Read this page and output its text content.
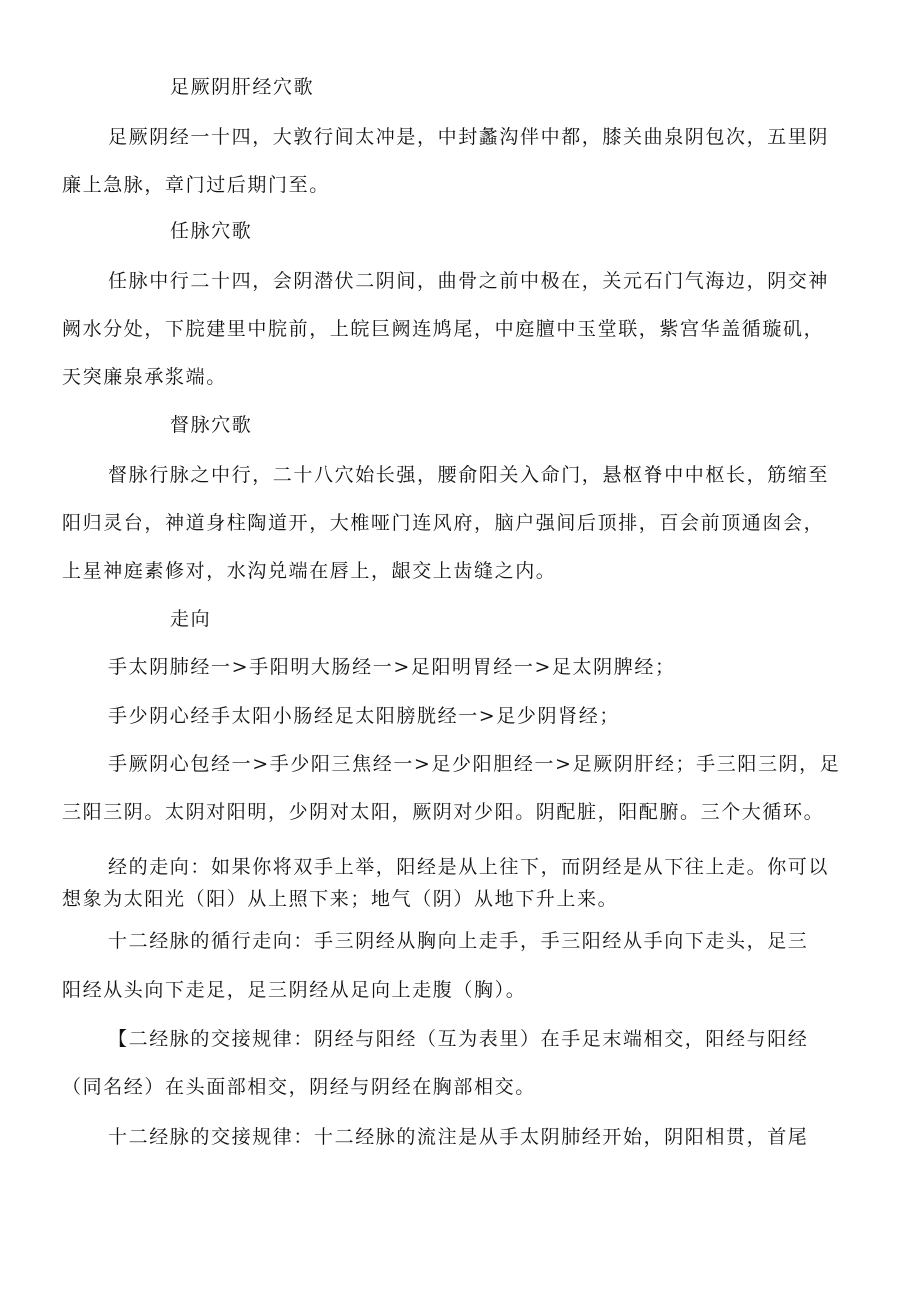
足厥阴肝经穴歌
足厥阴经一十四，大敦行间太冲是，中封蠡沟伴中都，膝关曲泉阴包次，五里阴
廉上急脉，章门过后期门至。
任脉穴歌
任脉中行二十四，会阴潜伏二阴间，曲骨之前中极在，关元石门气海边，阴交神
阙水分处，下脘建里中脘前，上皖巨阙连鸠尾，中庭膻中玉堂联，紫宫华盖循璇矶，
天突廉泉承浆端。
督脉穴歌
督脉行脉之中行，二十八穴始长强，腰俞阳关入命门，悬枢脊中中枢长，筋缩至
阳归灵台，神道身柱陶道开，大椎哑门连风府，脑户强间后顶排，百会前顶通囱会，
上星神庭素修对，水沟兑端在唇上，龈交上齿缝之内。
走向
手太阴肺经一>手阳明大肠经一>足阳明胃经一>足太阴脾经；
手少阴心经手太阳小肠经足太阳膀胱经一>足少阴肾经；
手厥阴心包经一>手少阳三焦经一>足少阳胆经一>足厥阴肝经；手三阳三阴，足
三阳三阴。太阴对阳明，少阴对太阳，厥阴对少阳。阴配脏，阳配腑。三个大循环。
经的走向：如果你将双手上举，阳经是从上往下，而阴经是从下往上走。你可以
想象为太阳光（阳）从上照下来；地气（阴）从地下升上来。
十二经脉的循行走向：手三阴经从胸向上走手，手三阳经从手向下走头，足三
阳经从头向下走足，足三阴经从足向上走腹（胸）。
【二经脉的交接规律：阴经与阳经（互为表里）在手足末端相交，阳经与阳经
（同名经）在头面部相交，阴经与阴经在胸部相交。
十二经脉的交接规律：十二经脉的流注是从手太阴肺经开始，阴阳相贯，首尾
